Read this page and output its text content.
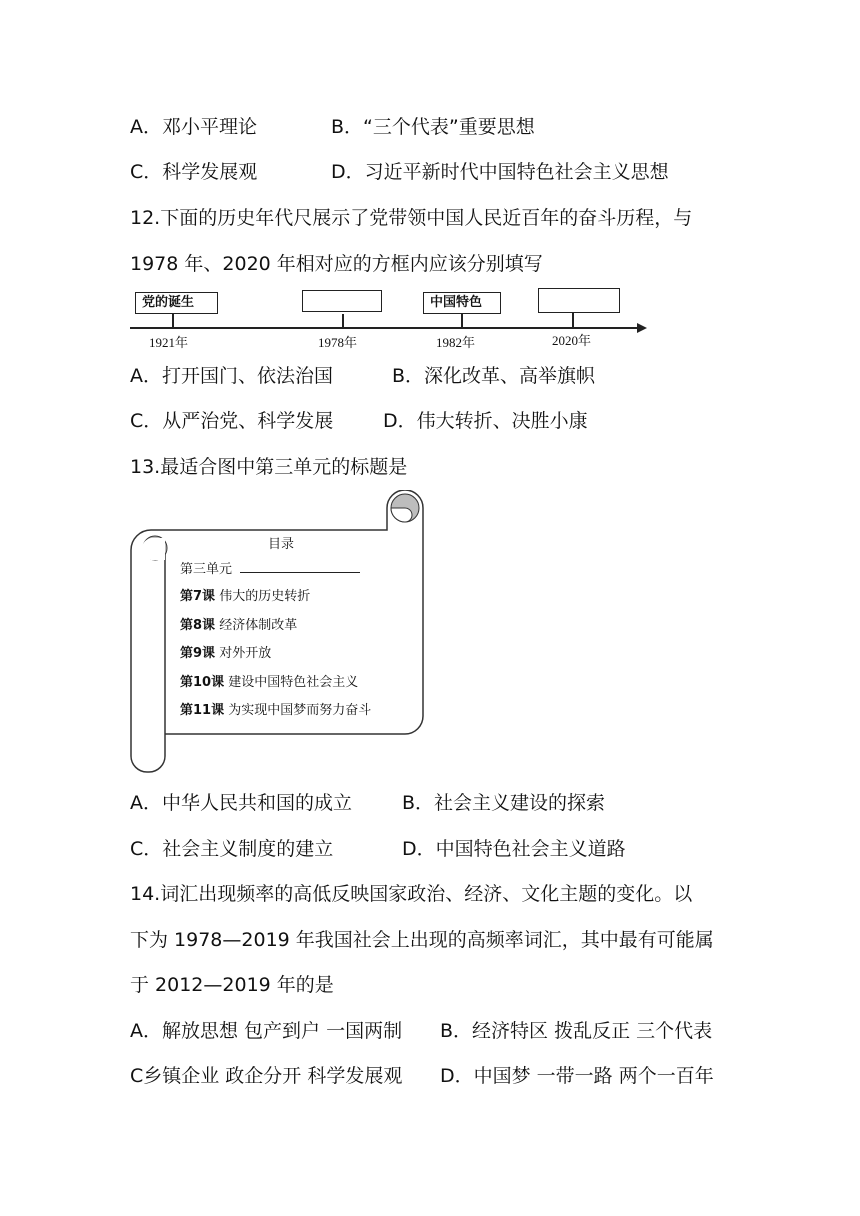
A．邓小平理论	B．“三个代表”重要思想
C．科学发展观	D．习近平新时代中国特色社会主义思想
12.下面的历史年代尺展示了党带领中国人民近百年的奋斗历程，与
1978 年、2020 年相对应的方框内应该分别填写
党的诞生	中国特色
1921年	1978年	1982年	2020年
A．打开国门、依法治国	B．深化改革、高举旗帜
C．从严治党、科学发展	D．伟大转折、决胜小康
13.最适合图中第三单元的标题是
目录
第三单元
第7课 伟大的历史转折
第8课 经济体制改革
第9课 对外开放
第10课 建设中国特色社会主义
第11课 为实现中国梦而努力奋斗
A．中华人民共和国的成立	B．社会主义建设的探索
C．社会主义制度的建立	D．中国特色社会主义道路
14.词汇出现频率的高低反映国家政治、经济、文化主题的变化。以
下为 1978—2019 年我国社会上出现的高频率词汇，其中最有可能属
于 2012—2019 年的是
A．解放思想 包产到户 一国两制 B．经济特区 拨乱反正 三个代表
C乡镇企业 政企分开 科学发展观 D．中国梦 一带一路 两个一百年
